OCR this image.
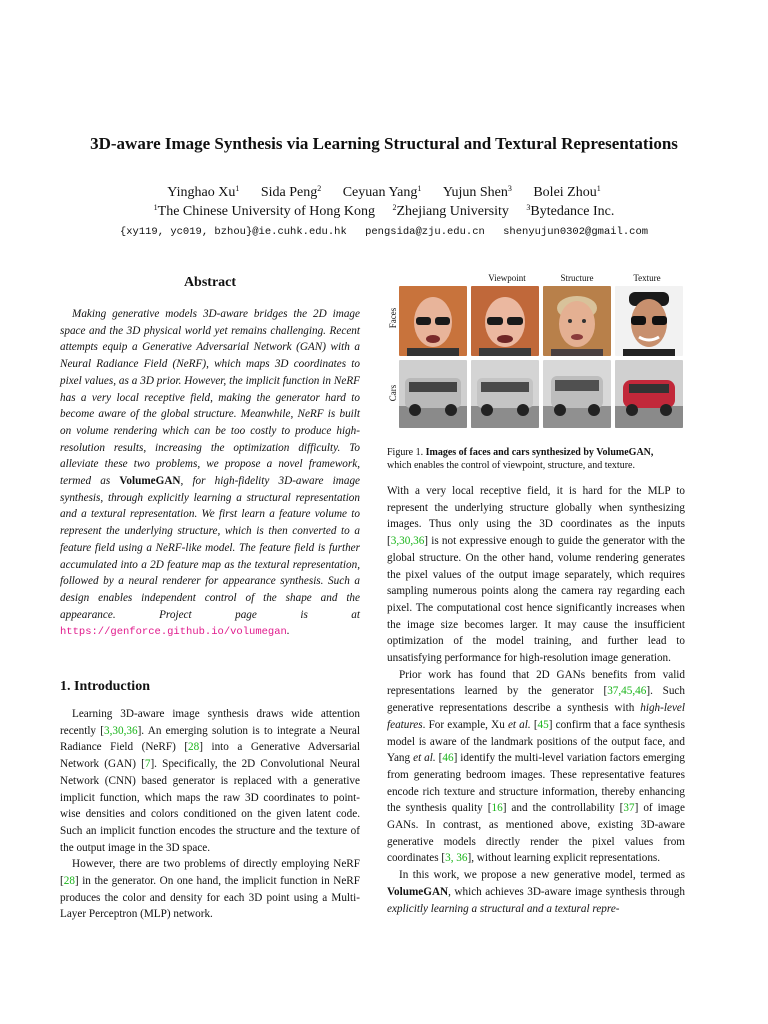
3D-aware Image Synthesis via Learning Structural and Textural Representations
Yinghao Xu$^1$ Sida Peng$^2$ Ceyuan Yang$^1$ Yujun Shen$^3$ Bolei Zhou$^1$
$^1$The Chinese University of Hong Kong $^2$Zhejiang University $^3$Bytedance Inc.
{xy119, yc019, bzhou}@ie.cuhk.edu.hk pengsida@zju.edu.cn shenyujun0302@gmail.com
Abstract

Making generative models 3D-aware bridges the 2D image space and the 3D physical world yet remains challenging. Recent attempts equip a Generative Adversarial Network (GAN) with a Neural Radiance Field (NeRF), which maps 3D coordinates to pixel values, as a 3D prior. However, the implicit function in NeRF has a very local receptive field, making the generator hard to become aware of the global structure. Meanwhile, NeRF is built on volume rendering which can be too costly to produce high-resolution results, increasing the optimization difficulty. To alleviate these two problems, we propose a novel framework, termed as VolumeGAN, for high-fidelity 3D-aware image synthesis, through explicitly learning a structural representation and a textural representation. We first learn a feature volume to represent the underlying structure, which is then converted to a feature field using a NeRF-like model. The feature field is further accumulated into a 2D feature map as the textural representation, followed by a neural renderer for appearance synthesis. Such a design enables independent control of the shape and the appearance. Project page is at https://genforce.github.io/volumegan.

1. Introduction

Learning 3D-aware image synthesis draws wide attention recently [3,30,36]. An emerging solution is to integrate a Neural Radiance Field (NeRF) [28] into a Generative Adversarial Network (GAN) [7]. Specifically, the 2D Convolutional Neural Network (CNN) based generator is replaced with a generative implicit function, which maps the raw 3D coordinates to point-wise densities and colors conditioned on the given latent code. Such an implicit function encodes the structure and the texture of the output image in the 3D space.

However, there are two problems of directly employing NeRF [28] in the generator. On one hand, the implicit function in NeRF produces the color and density for each 3D point using a Multi-Layer Perceptron (MLP) network.

Viewpoint	Structure	Texture
Faces
Cars
Figure 1. Images of faces and cars synthesized by VolumeGAN,
which enables the control of viewpoint, structure, and texture.

With a very local receptive field, it is hard for the MLP to represent the underlying structure globally when synthesizing images. Thus only using the 3D coordinates as the inputs [3,30,36] is not expressive enough to guide the generator with the global structure. On the other hand, volume rendering generates the pixel values of the output image separately, which requires sampling numerous points along the camera ray regarding each pixel. The computational cost hence significantly increases when the image size becomes larger. It may cause the insufficient optimization of the model training, and further lead to unsatisfying performance for high-resolution image generation.

Prior work has found that 2D GANs benefits from valid representations learned by the generator [37,45,46]. Such generative representations describe a synthesis with high-level features. For example, Xu et al. [45] confirm that a face synthesis model is aware of the landmark positions of the output face, and Yang et al. [46] identify the multi-level variation factors emerging from generating bedroom images. These representative features encode rich texture and structure information, thereby enhancing the synthesis quality [16] and the controllability [37] of image GANs. In contrast, as mentioned above, existing 3D-aware generative models directly render the pixel values from coordinates [3, 36], without learning explicit representations.

In this work, we propose a new generative model, termed as VolumeGAN, which achieves 3D-aware image synthesis through explicitly learning a structural and a textural repre-
